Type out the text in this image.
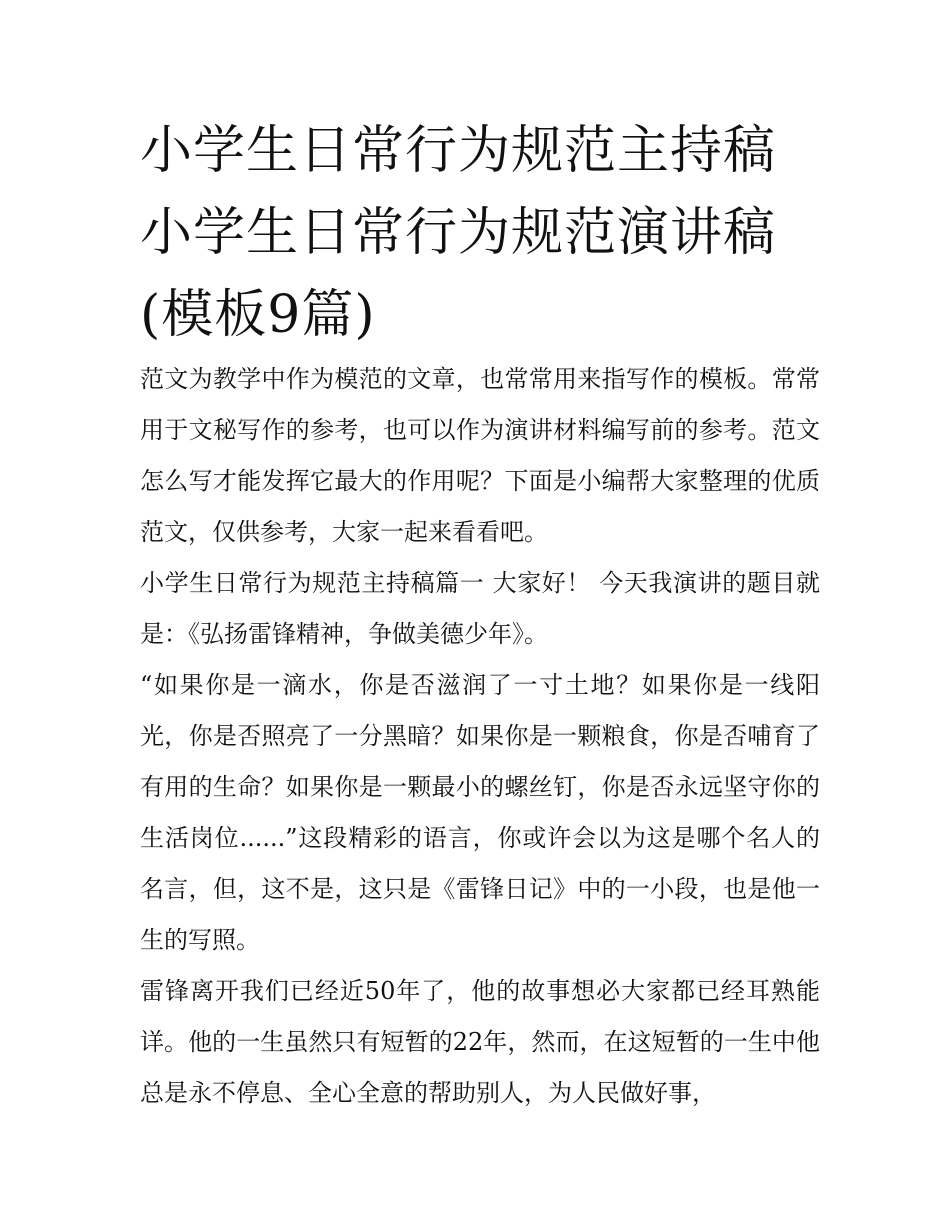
小学生日常行为规范主持稿 小学生日常行为规范演讲稿(模板9篇)

范文为教学中作为模范的文章，也常常用来指写作的模板。常常用于文秘写作的参考，也可以作为演讲材料编写前的参考。范文怎么写才能发挥它最大的作用呢？下面是小编帮大家整理的优质范文，仅供参考，大家一起来看看吧。

小学生日常行为规范主持稿篇一 大家好！ 今天我演讲的题目就是：《弘扬雷锋精神，争做美德少年》。

“如果你是一滴水，你是否滋润了一寸土地？如果你是一线阳光，你是否照亮了一分黑暗？如果你是一颗粮食，你是否哺育了有用的生命？如果你是一颗最小的螺丝钉，你是否永远坚守你的生活岗位......”这段精彩的语言，你或许会以为这是哪个名人的名言，但，这不是，这只是《雷锋日记》中的一小段，也是他一生的写照。

雷锋离开我们已经近50年了，他的故事想必大家都已经耳熟能详。他的一生虽然只有短暂的22年，然而，在这短暂的一生中他总是永不停息、全心全意的帮助别人，为人民做好事，
